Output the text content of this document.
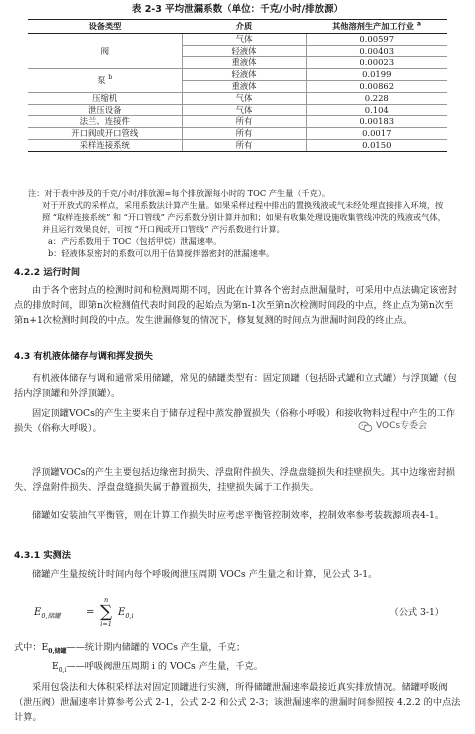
表 2-3 平均泄漏系数（单位：千克/小时/排放源）
设备类型	介质	其他溶剂生产加工行业 $^a$
阀	气体	0.00597
	轻液体	0.00403
	重液体	0.00023
泵 $^b$	轻液体	0.0199
	重液体	0.00862
压缩机	气体	0.228
泄压设备	气体	0.104
法兰、连接件	所有	0.00183
开口阀或开口管线	所有	0.0017
采样连接系统	所有	0.0150

注：对于表中涉及的千克/小时/排放源=每个排放源每小时的 TOC 产生量（千克）。

对于开放式的采样点，采用系数法计算产生量。如果采样过程中排出的置换残液或气未经处理直接排入环境，按照 “取样连接系统” 和 “开口管线” 产污系数分别计算并加和；如果有收集处理设施收集管线冲洗的残液或气体，并且运行效果良好，可按 “开口阀或开口管线” 产污系数进行计算。

a：产污系数用于 TOC（包括甲烷）泄漏速率。

b：轻液体泵密封的系数可以用于估算搅拌器密封的泄漏速率。

4.2.2 运行时间

由于各个密封点的检测时间和检测周期不同，因此在计算各个密封点泄漏量时，可采用中点法确定该密封点的排放时间，即第n次检测值代表时间段的起始点为第n-1次至第n次检测时间段的中点，终止点为第n次至第n+1次检测时间段的中点。发生泄漏修复的情况下，修复复测的时间点为泄漏时间段的终止点。

4.3 有机液体储存与调和挥发损失

有机液体储存与调和通常采用储罐，常见的储罐类型有：固定顶罐（包括卧式罐和立式罐）与浮顶罐（包括内浮顶罐和外浮顶罐）。

固定顶罐VOCs的产生主要来自于储存过程中蒸发静置损失（俗称小呼吸）和接收物料过程中产生的工作损失（俗称大呼吸）。	VOCs专委会

浮顶罐VOCs的产生主要包括边缘密封损失、浮盘附件损失、浮盘盘缝损失和挂壁损失。其中边缘密封损失、浮盘附件损失、浮盘盘缝损失属于静置损失，挂壁损失属于工作损失。

储罐如安装油气平衡管，则在计算工作损失时应考虑平衡管控制效率，控制效率参考装载源项表4-1。

4.3.1 实测法

储罐产生量按统计时间内每个呼吸阀泄压周期 VOCs 产生量之和计算，见公式 3-1。

$E_{0,储罐}$	=
n
∑
i=1
$E_{0,i}$	（公式 3-1）

式中：$E_{0,储罐}——$统计期内储罐的 VOCs 产生量，千克；

$E_{0,i}——$呼吸阀泄压周期 i 的 VOCs 产生量，千克。

采用包袋法和大体积采样法对固定顶罐进行实测，所得储罐泄漏速率最接近真实排放情况。储罐呼吸阀（泄压阀）泄漏速率计算参考公式 2-1，公式 2-2 和公式 2-3；该泄漏速率的泄漏时间参照按 4.2.2 的中点法计算。
